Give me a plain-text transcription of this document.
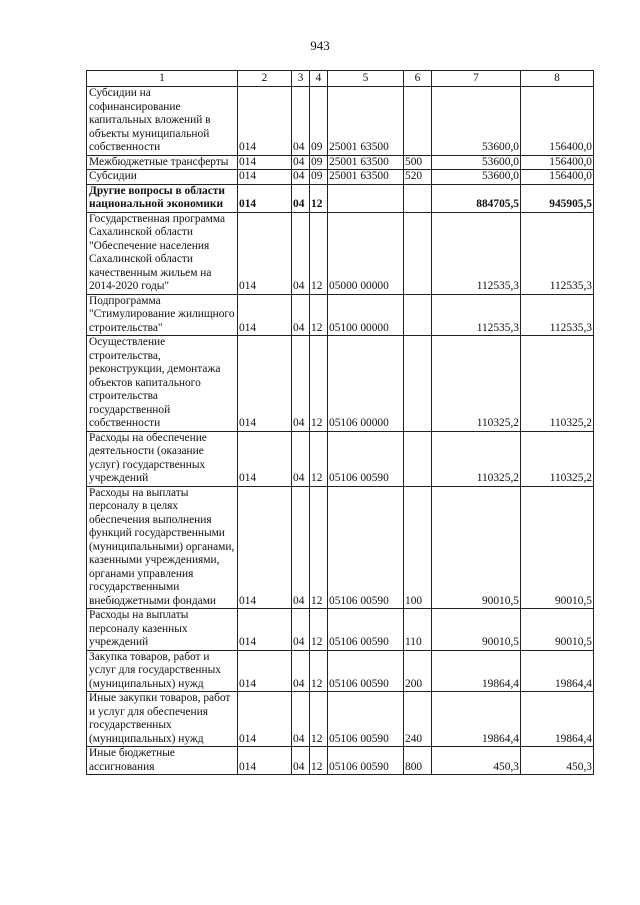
943
1	2	3	4	5	6	7	8
Субсидии на софинансирование капитальных вложений в объекты муниципальной собственности	014	04	09	25001 63500		53600,0	156400,0
Межбюджетные трансферты	014	04	09	25001 63500	500	53600,0	156400,0
Субсидии	014	04	09	25001 63500	520	53600,0	156400,0
Другие вопросы в области национальной экономики	014	04	12			884705,5	945905,5
Государственная программа Сахалинской области "Обеспечение населения Сахалинской области качественным жильем на 2014-2020 годы"	014	04	12	05000 00000		112535,3	112535,3
Подпрограмма "Стимулирование жилищного строительства"	014	04	12	05100 00000		112535,3	112535,3
Осуществление строительства, реконструкции, демонтажа объектов капитального строительства государственной собственности	014	04	12	05106 00000		110325,2	110325,2
Расходы на обеспечение деятельности (оказание услуг) государственных учреждений	014	04	12	05106 00590		110325,2	110325,2
Расходы на выплаты персоналу в целях обеспечения выполнения функций государственными (муниципальными) органами, казенными учреждениями, органами управления государственными внебюджетными фондами	014	04	12	05106 00590	100	90010,5	90010,5
Расходы на выплаты персоналу казенных учреждений	014	04	12	05106 00590	110	90010,5	90010,5
Закупка товаров, работ и услуг для государственных (муниципальных) нужд	014	04	12	05106 00590	200	19864,4	19864,4
Иные закупки товаров, работ и услуг для обеспечения государственных (муниципальных) нужд	014	04	12	05106 00590	240	19864,4	19864,4
Иные бюджетные ассигнования	014	04	12	05106 00590	800	450,3	450,3
